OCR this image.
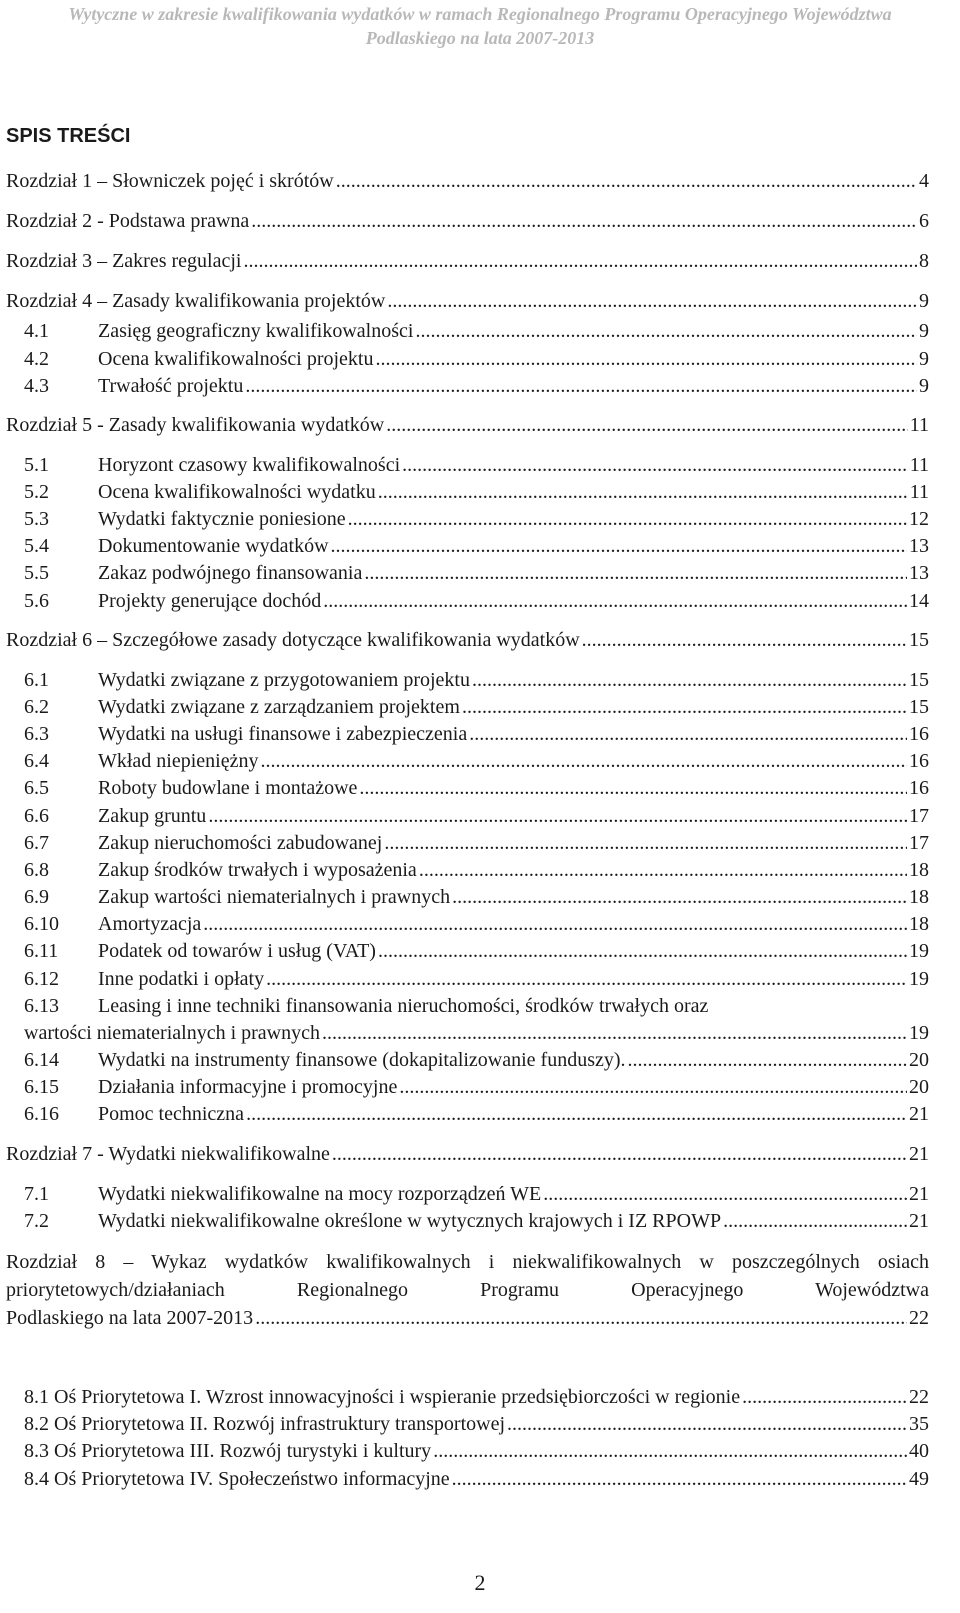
Wytyczne w zakresie kwalifikowania wydatków w ramach Regionalnego Programu Operacyjnego Województwa
Podlaskiego na lata 2007-2013
SPIS TREŚCI
Rozdział 1 – Słowniczek pojęć i skrótów .....	4
Rozdział 2 - Podstawa prawna .....	6
Rozdział 3 – Zakres regulacji .....	8
Rozdział 4 – Zasady kwalifikowania projektów .....	9
4.1	Zasięg geograficzny kwalifikowalności .....	9
4.2	Ocena kwalifikowalności projektu .....	9
4.3	Trwałość projektu .....	9
Rozdział 5 - Zasady kwalifikowania wydatków .....	11
5.1	Horyzont czasowy kwalifikowalności .....	11
5.2	Ocena kwalifikowalności wydatku .....	11
5.3	Wydatki faktycznie poniesione .....	12
5.4	Dokumentowanie wydatków .....	13
5.5	Zakaz podwójnego finansowania .....	13
5.6	Projekty generujące dochód .....	14
Rozdział 6 – Szczegółowe zasady dotyczące kwalifikowania wydatków .....	15
6.1	Wydatki związane z przygotowaniem projektu .....	15
6.2	Wydatki związane z zarządzaniem projektem .....	15
6.3	Wydatki na usługi finansowe i zabezpieczenia .....	16
6.4	Wkład niepieniężny .....	16
6.5	Roboty budowlane i montażowe .....	16
6.6	Zakup gruntu .....	17
6.7	Zakup nieruchomości zabudowanej .....	17
6.8	Zakup środków trwałych i wyposażenia .....	18
6.9	Zakup wartości niematerialnych i prawnych .....	18
6.10	Amortyzacja .....	18
6.11	Podatek od towarów i usług (VAT) .....	19
6.12	Inne podatki i opłaty .....	19
6.13	Leasing i inne techniki finansowania nieruchomości, środków trwałych oraz
wartości niematerialnych i prawnych .....	19
6.14	Wydatki na instrumenty finansowe (dokapitalizowanie funduszy). .....	20
6.15	Działania informacyjne i promocyjne .....	20
6.16	Pomoc techniczna .....	21
Rozdział 7 - Wydatki niekwalifikowalne .....	21
7.1	Wydatki niekwalifikowalne na mocy rozporządzeń WE .....	21
7.2	Wydatki niekwalifikowalne określone w wytycznych krajowych i IZ RPOWP .....	21
Rozdział 8 – Wykaz wydatków kwalifikowalnych i niekwalifikowalnych w poszczególnych osiach priorytetowych/działaniach Regionalnego Programu Operacyjnego Województwa
Podlaskiego na lata 2007-2013 .....	22
8.1 Oś Priorytetowa I. Wzrost innowacyjności i wspieranie przedsiębiorczości w regionie .....	22
8.2 Oś Priorytetowa II. Rozwój infrastruktury transportowej .....	35
8.3 Oś Priorytetowa III. Rozwój turystyki i kultury .....	40
8.4 Oś Priorytetowa IV. Społeczeństwo informacyjne .....	49
2
